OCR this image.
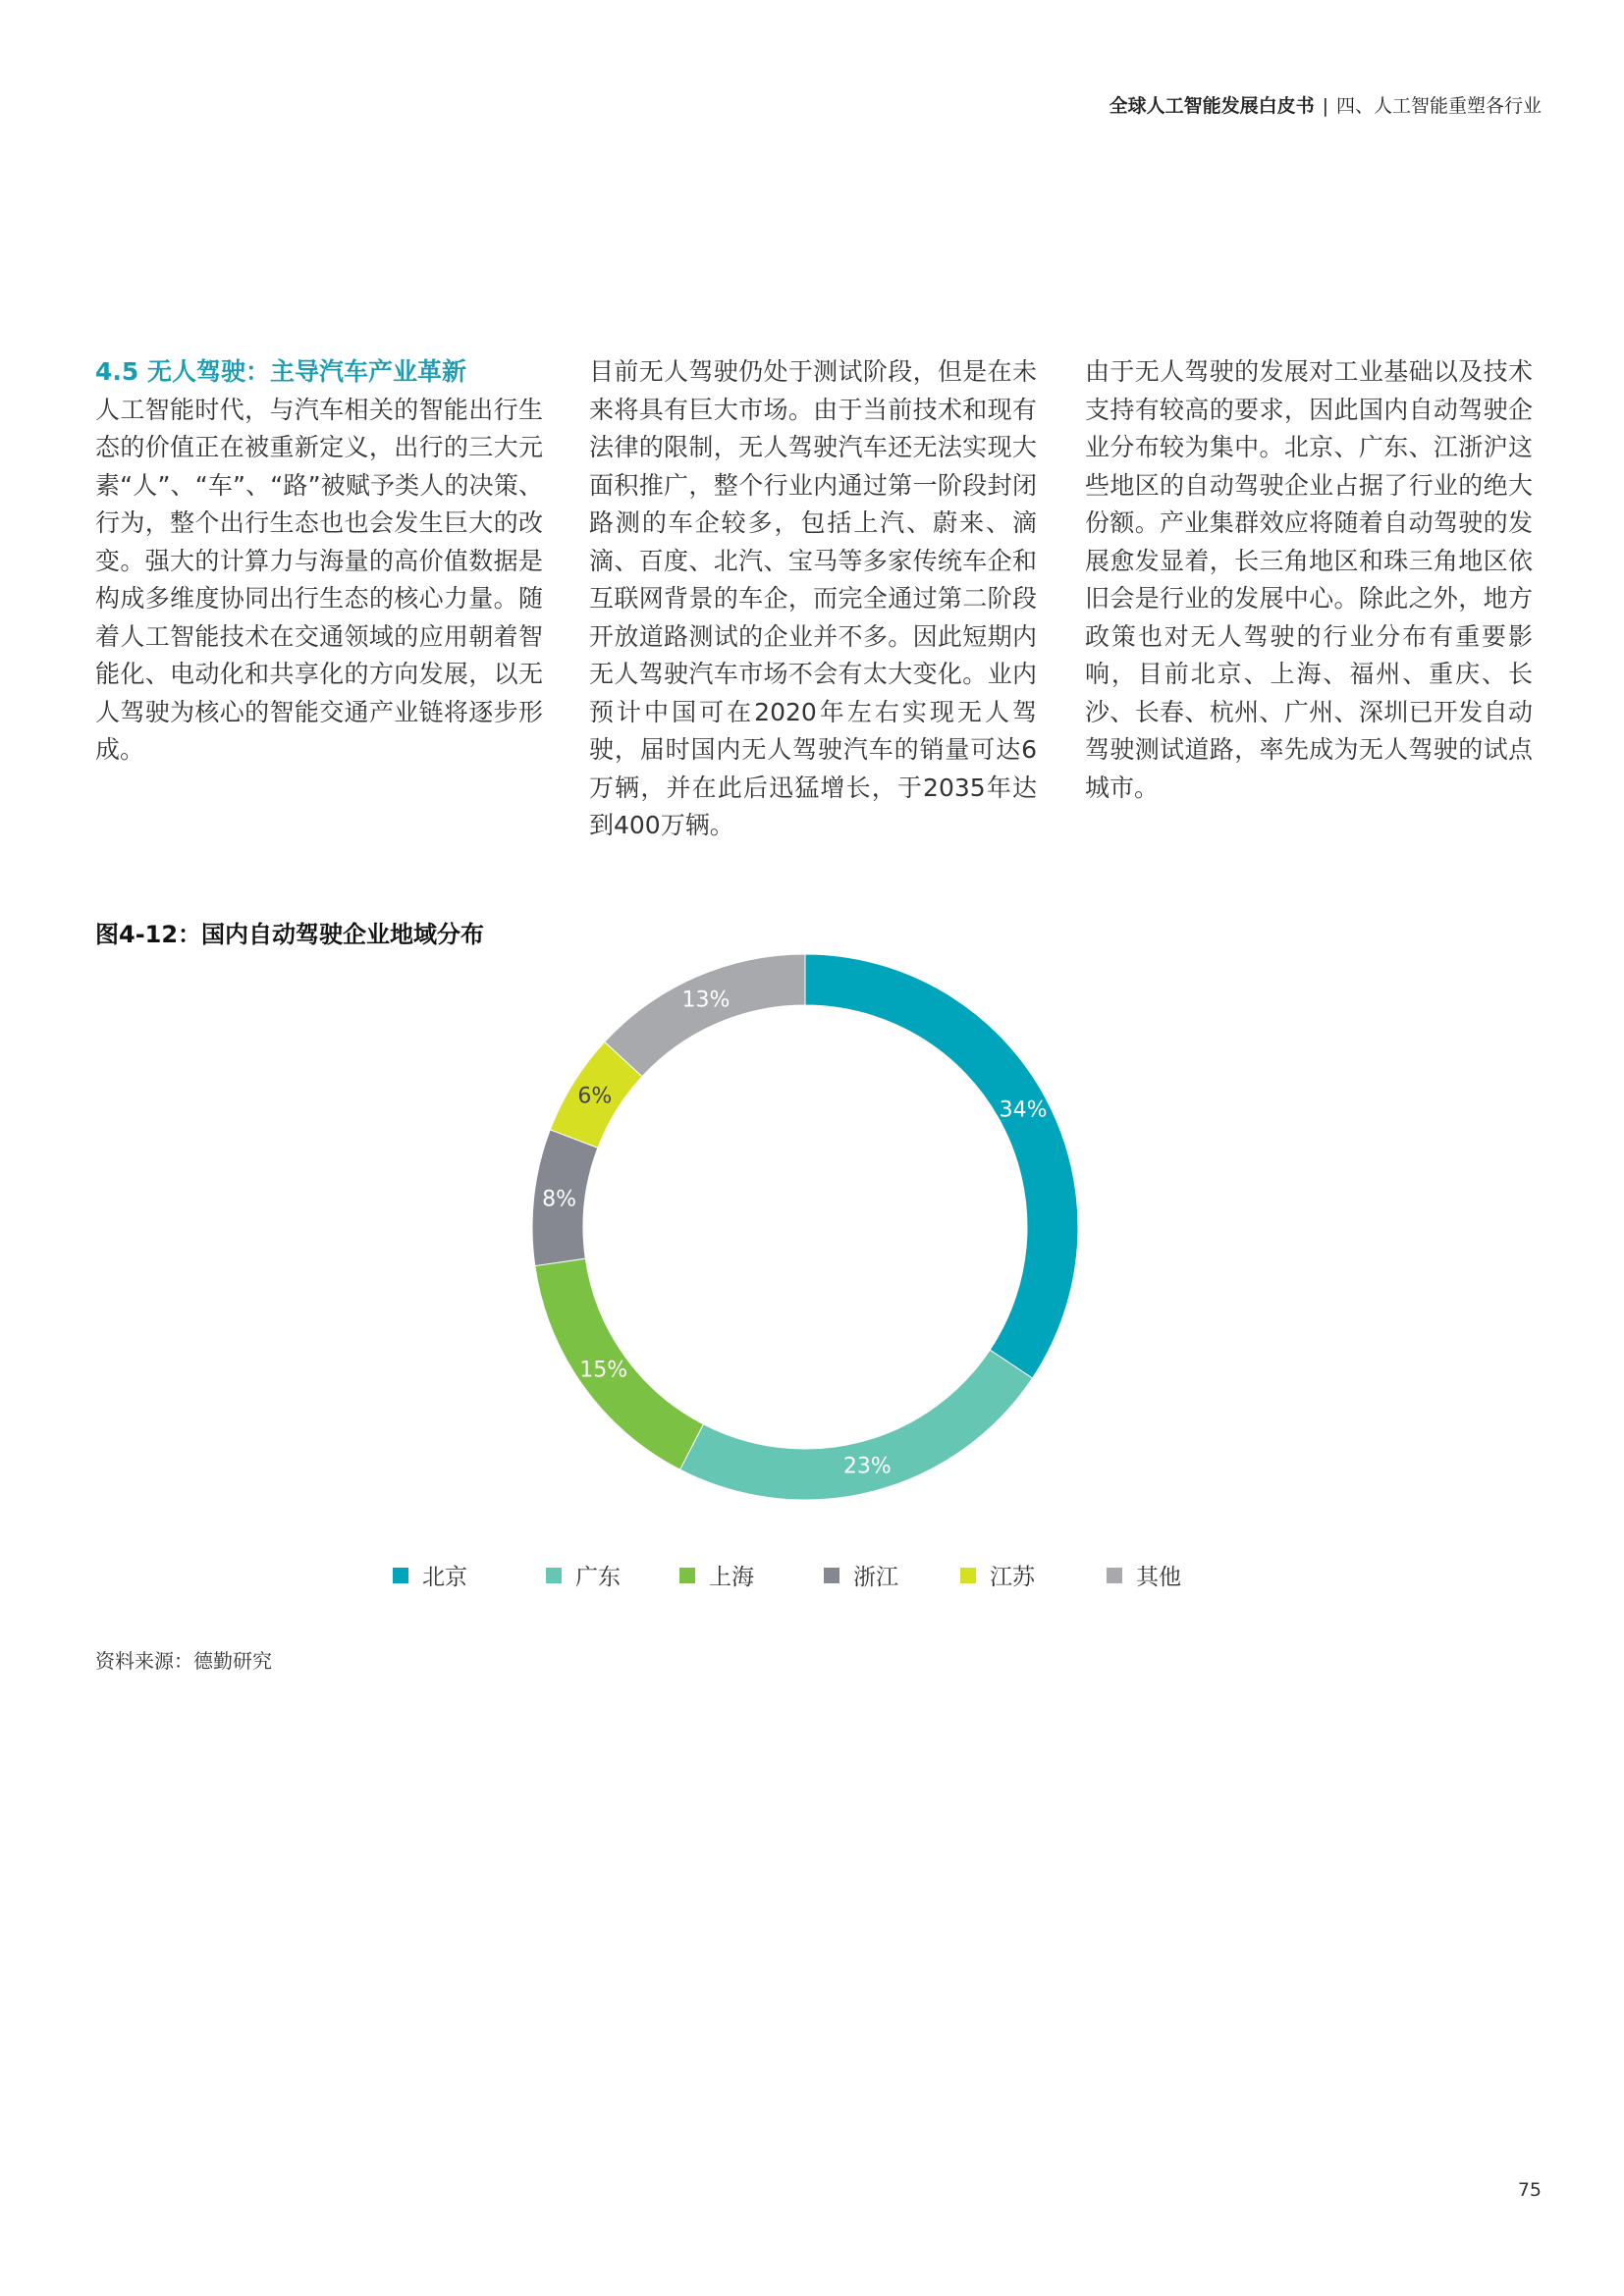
全球人工智能发展白皮书 | 四、人工智能重塑各行业
4.5 无人驾驶：主导汽车产业革新
人工智能时代，与汽车相关的智能出行生态的价值正在被重新定义，出行的三大元素“人”、“车”、“路”被赋予类人的决策、行为，整个出行生态也也会发生巨大的改变。强大的计算力与海量的高价值数据是构成多维度协同出行生态的核心力量。随着人工智能技术在交通领域的应用朝着智能化、电动化和共享化的方向发展，以无人驾驶为核心的智能交通产业链将逐步形成。
目前无人驾驶仍处于测试阶段，但是在未来将具有巨大市场。由于当前技术和现有法律的限制，无人驾驶汽车还无法实现大面积推广，整个行业内通过第一阶段封闭路测的车企较多，包括上汽、蔚来、滴滴、百度、北汽、宝马等多家传统车企和互联网背景的车企，而完全通过第二阶段开放道路测试的企业并不多。因此短期内无人驾驶汽车市场不会有太大变化。业内预计中国可在2020年左右实现无人驾驶，届时国内无人驾驶汽车的销量可达6万辆，并在此后迅猛增长，于2035年达到400万辆。
由于无人驾驶的发展对工业基础以及技术支持有较高的要求，因此国内自动驾驶企业分布较为集中。北京、广东、江浙沪这些地区的自动驾驶企业占据了行业的绝大份额。产业集群效应将随着自动驾驶的发展愈发显着，长三角地区和珠三角地区依旧会是行业的发展中心。除此之外，地方政策也对无人驾驶的行业分布有重要影响，目前北京、上海、福州、重庆、长沙、长春、杭州、广州、深圳已开发自动驾驶测试道路，率先成为无人驾驶的试点城市。
图4-12：国内自动驾驶企业地域分布
34%
23%
15%
8%
6%
13%
北京	广东	上海	浙江	江苏	其他
资料来源：德勤研究
75
